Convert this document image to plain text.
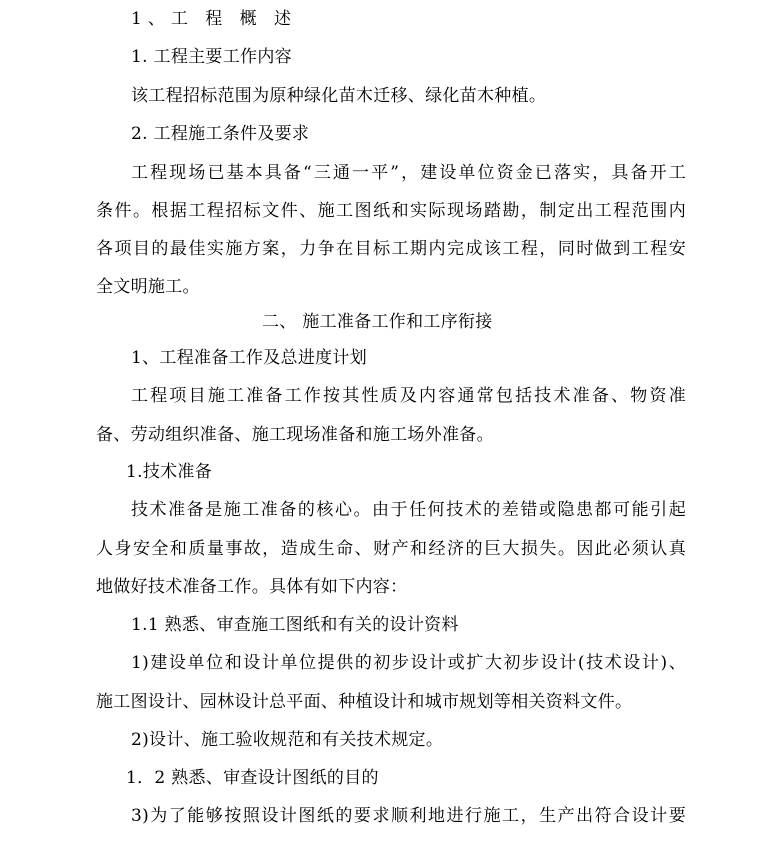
1、工 程 概 述
1. 工程主要工作内容
该工程招标范围为原种绿化苗木迁移、绿化苗木种植。
2. 工程施工条件及要求
工程现场已基本具备“三通一平”，建设单位资金已落实，具备开工
条件。根据工程招标文件、施工图纸和实际现场踏勘，制定出工程范围内
各项目的最佳实施方案，力争在目标工期内完成该工程，同时做到工程安
全文明施工。
二、 施工准备工作和工序衔接
1、工程准备工作及总进度计划
工程项目施工准备工作按其性质及内容通常包括技术准备、物资准
备、劳动组织准备、施工现场准备和施工场外准备。
1.技术准备
技术准备是施工准备的核心。由于任何技术的差错或隐患都可能引起
人身安全和质量事故，造成生命、财产和经济的巨大损失。因此必须认真
地做好技术准备工作。具体有如下内容：
1.1 熟悉、审查施工图纸和有关的设计资料
1)建设单位和设计单位提供的初步设计或扩大初步设计(技术设计)、
施工图设计、园林设计总平面、种植设计和城市规划等相关资料文件。
2)设计、施工验收规范和有关技术规定。
1．2 熟悉、审查设计图纸的目的
3)为了能够按照设计图纸的要求顺利地进行施工，生产出符合设计要
